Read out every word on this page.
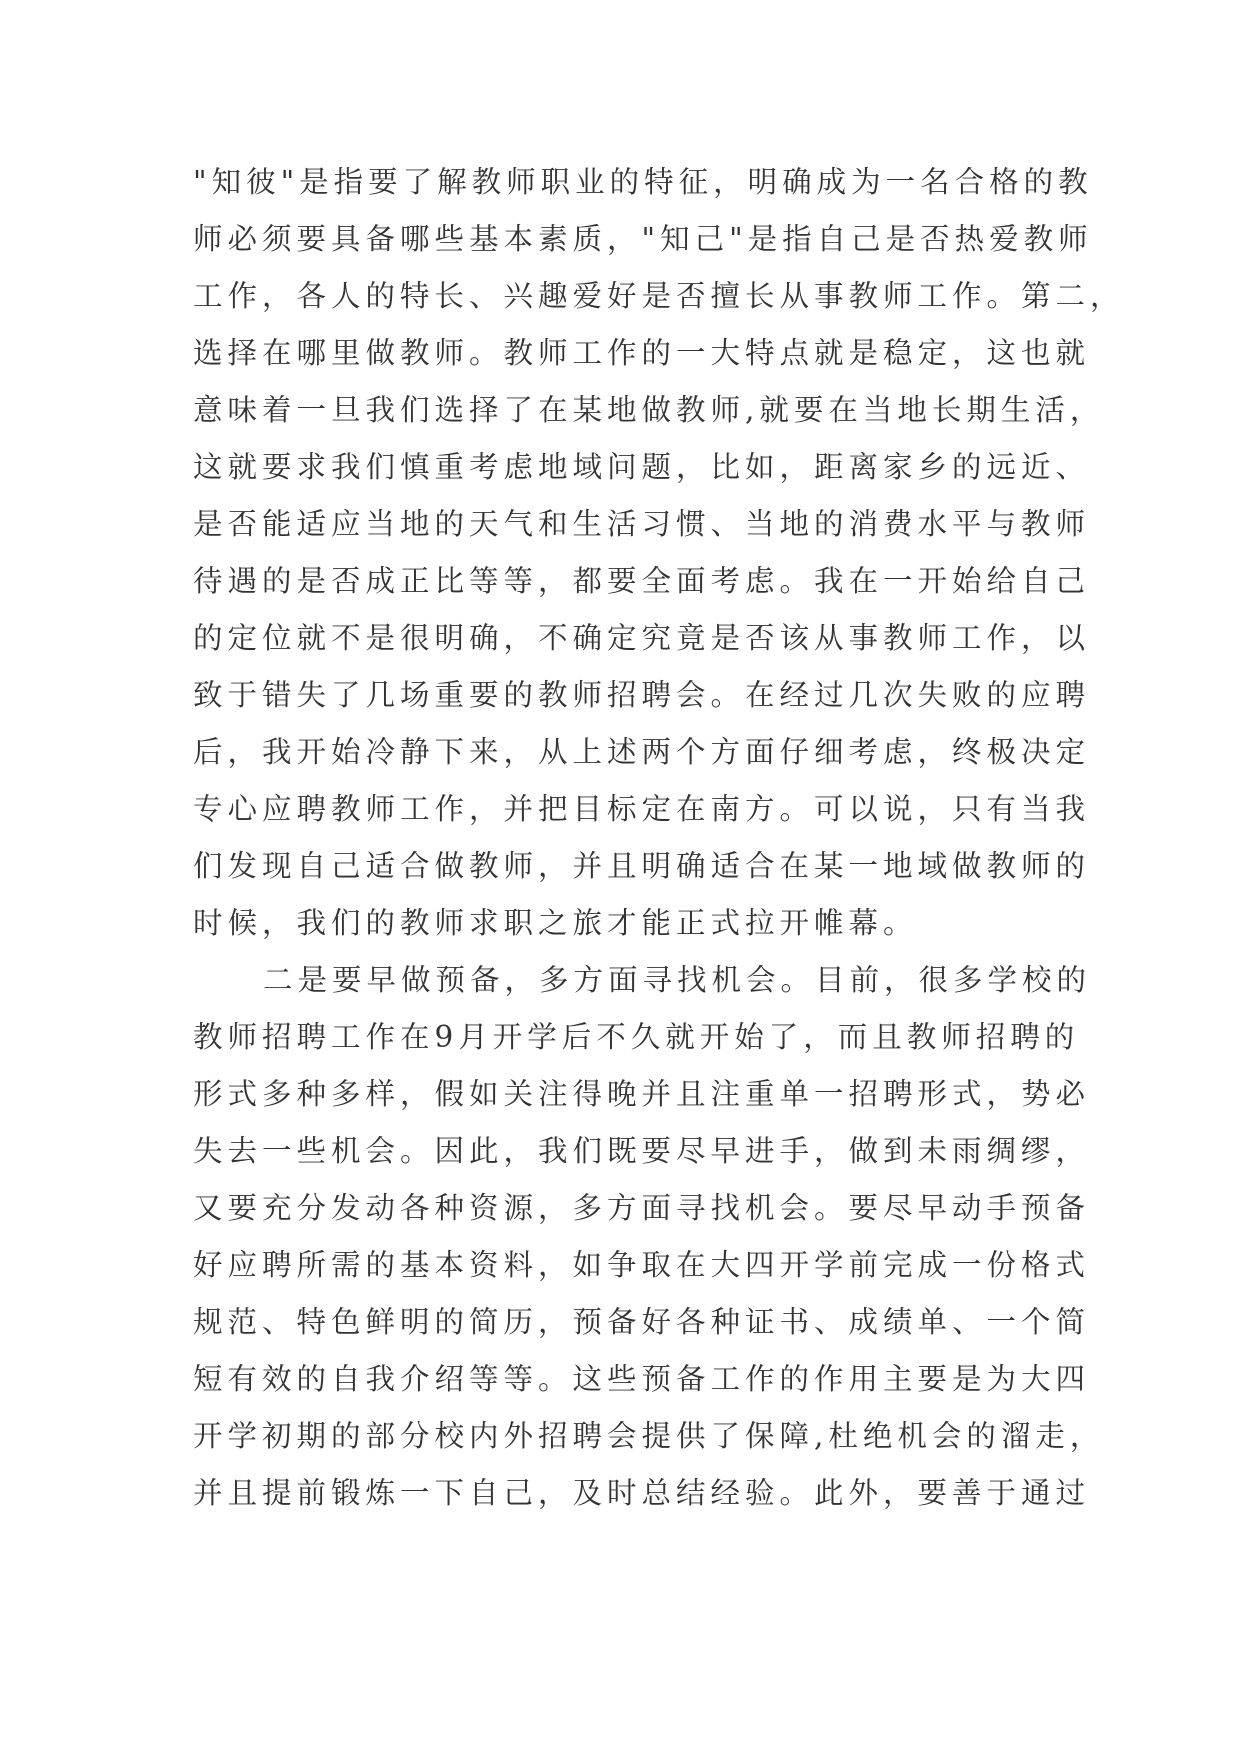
"知彼"是指要了解教师职业的特征，明确成为一名合格的教
师必须要具备哪些基本素质，"知己"是指自己是否热爱教师
工作，各人的特长、兴趣爱好是否擅长从事教师工作。第二，
选择在哪里做教师。教师工作的一大特点就是稳定，这也就
意味着一旦我们选择了在某地做教师,就要在当地长期生活，
这就要求我们慎重考虑地域问题，比如，距离家乡的远近、
是否能适应当地的天气和生活习惯、当地的消费水平与教师
待遇的是否成正比等等，都要全面考虑。我在一开始给自己
的定位就不是很明确，不确定究竟是否该从事教师工作，以
致于错失了几场重要的教师招聘会。在经过几次失败的应聘
后，我开始冷静下来，从上述两个方面仔细考虑，终极决定
专心应聘教师工作，并把目标定在南方。可以说，只有当我
们发现自己适合做教师，并且明确适合在某一地域做教师的
时候，我们的教师求职之旅才能正式拉开帷幕。
二是要早做预备，多方面寻找机会。目前，很多学校的
教师招聘工作在9月开学后不久就开始了，而且教师招聘的
形式多种多样，假如关注得晚并且注重单一招聘形式，势必
失去一些机会。因此，我们既要尽早进手，做到未雨绸缪，
又要充分发动各种资源，多方面寻找机会。要尽早动手预备
好应聘所需的基本资料，如争取在大四开学前完成一份格式
规范、特色鲜明的简历，预备好各种证书、成绩单、一个简
短有效的自我介绍等等。这些预备工作的作用主要是为大四
开学初期的部分校内外招聘会提供了保障,杜绝机会的溜走，
并且提前锻炼一下自己，及时总结经验。此外，要善于通过
